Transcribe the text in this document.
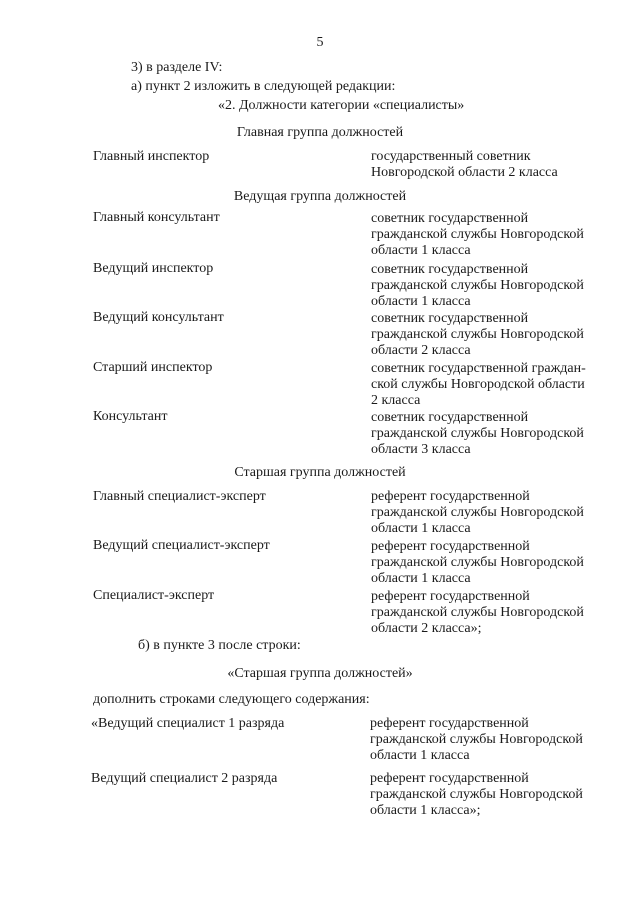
5

3) в разделе IV:

а) пункт 2 изложить в следующей редакции:

«2. Должности категории «специалисты»

Главная группа должностей

Главный инспектор	государственный советник
Новгородской области 2 класса

Ведущая группа должностей

Главный консультант	советник государственной
гражданской службы Новгородской
области 1 класса

Ведущий инспектор	советник государственной
гражданской службы Новгородской
области 1 класса

Ведущий консультант	советник государственной
гражданской службы Новгородской
области 2 класса

Старший инспектор	советник государственной граждан-
ской службы Новгородской области
2 класса

Консультант	советник государственной
гражданской службы Новгородской
области 3 класса

Старшая группа должностей

Главный специалист-эксперт	референт государственной
гражданской службы Новгородской
области 1 класса

Ведущий специалист-эксперт	референт государственной
гражданской службы Новгородской
области 1 класса

Специалист-эксперт	референт государственной
гражданской службы Новгородской
области 2 класса»;

б) в пункте 3 после строки:

«Старшая группа должностей»

дополнить строками следующего содержания:

«Ведущий специалист 1 разряда	референт государственной
гражданской службы Новгородской
области 1 класса

Ведущий специалист 2 разряда	референт государственной
гражданской службы Новгородской
области 1 класса»;
